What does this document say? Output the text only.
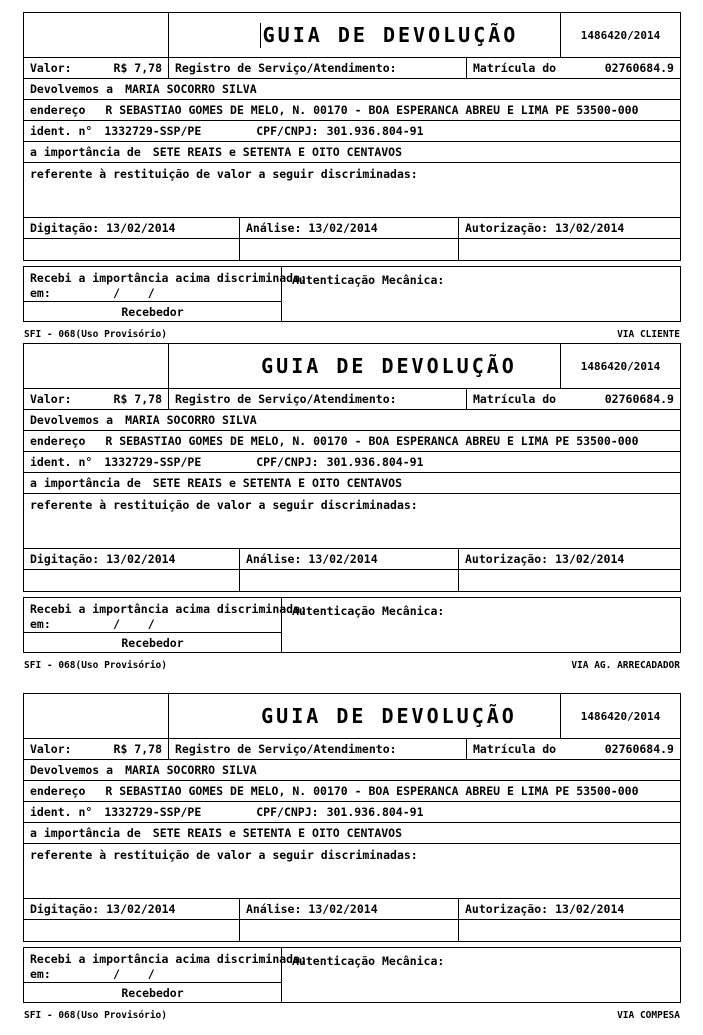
GUIA DE DEVOLUÇÃO	1486420/2014
Valor:	R$ 7,78 Registro de Serviço/Atendimento:	Matrícula do	02760684.9
Devolvemos a MARIA SOCORRO SILVA
endereço R SEBASTIAO GOMES DE MELO, N. 00170 - BOA ESPERANCA ABREU E LIMA PE 53500-000
ident. n° 1332729-SSP/PE	CPF/CNPJ: 301.936.804-91
a importância de SETE REAIS e SETENTA E OITO CENTAVOS
referente à restituição de valor a seguir discriminadas:
Digitação: 13/02/2014	Análise: 13/02/2014	Autorização: 13/02/2014
Recebi a importância acima discriminada:
em:         /    /
Recebedor
Autenticação Mecânica:
SFI - 068(Uso Provisório)	VIA CLIENTE
GUIA DE DEVOLUÇÃO	1486420/2014
Valor:	R$ 7,78 Registro de Serviço/Atendimento:	Matrícula do	02760684.9
Devolvemos a MARIA SOCORRO SILVA
endereço R SEBASTIAO GOMES DE MELO, N. 00170 - BOA ESPERANCA ABREU E LIMA PE 53500-000
ident. n° 1332729-SSP/PE	CPF/CNPJ: 301.936.804-91
a importância de SETE REAIS e SETENTA E OITO CENTAVOS
referente à restituição de valor a seguir discriminadas:
Digitação: 13/02/2014	Análise: 13/02/2014	Autorização: 13/02/2014
Recebi a importância acima discriminada:
em:         /    /
Recebedor
Autenticação Mecânica:
SFI - 068(Uso Provisório)	VIA AG. ARRECADADOR
GUIA DE DEVOLUÇÃO	1486420/2014
Valor:	R$ 7,78 Registro de Serviço/Atendimento:	Matrícula do	02760684.9
Devolvemos a MARIA SOCORRO SILVA
endereço R SEBASTIAO GOMES DE MELO, N. 00170 - BOA ESPERANCA ABREU E LIMA PE 53500-000
ident. n° 1332729-SSP/PE	CPF/CNPJ: 301.936.804-91
a importância de SETE REAIS e SETENTA E OITO CENTAVOS
referente à restituição de valor a seguir discriminadas:
Digitação: 13/02/2014	Análise: 13/02/2014	Autorização: 13/02/2014
Recebi a importância acima discriminada:
em:         /    /
Recebedor
Autenticação Mecânica:
SFI - 068(Uso Provisório)	VIA COMPESA
